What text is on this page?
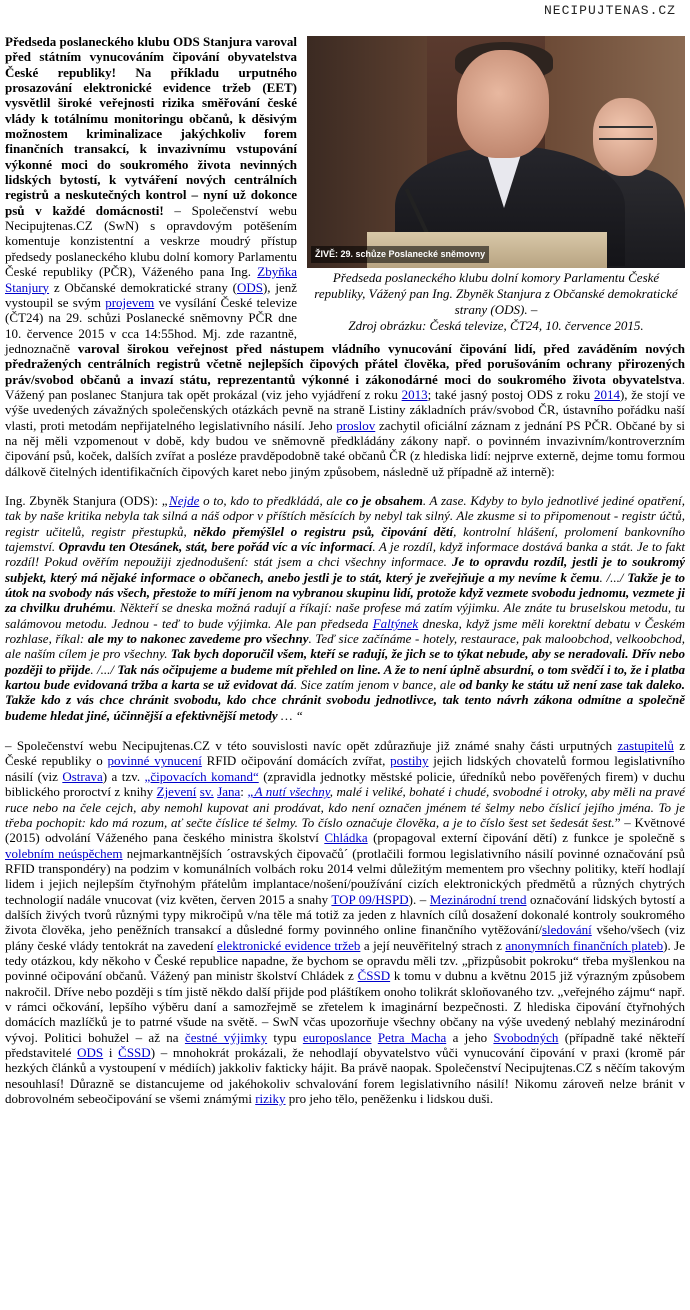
NECIPUJTENAS.CZ
ŽIVĚ: 29. schůze Poslanecké sněmovny
Předseda poslaneckého klubu dolní komory Parlamentu České republiky, Vážený pan Ing. Zbyněk Stanjura z Občanské demokratické strany (ODS). –
Zdroj obrázku: Česká televize, ČT24, 10. července 2015.

Předseda poslaneckého klubu ODS Stanjura varoval před státním vynucováním čipování obyvatelstva České republiky! Na příkladu urputného prosazování elektronické evidence tržeb (EET) vysvětlil široké veřejnosti rizika směřování české vlády k totálnímu monitoringu občanů, k děsivým možnostem kriminalizace jakýchkoliv forem finančních transakcí, k invazivnímu vstupování výkonné moci do soukromého života nevinných lidských bytostí, k vytváření nových centrálních registrů a neskutečných kontrol – nyní už dokonce psů v každé domácnosti! – Společenství webu Necipujtenas.CZ (SwN) s opravdovým potěšením komentuje konzistentní a veskrze moudrý přístup předsedy poslaneckého klubu dolní komory Parlamentu České republiky (PČR), Váženého pana Ing. Zbyňka Stanjury z Občanské demokratické strany (ODS), jenž vystoupil se svým projevem ve vysílání České televize (ČT24) na 29. schůzi Poslanecké sněmovny PČR dne 10. července 2015 v cca 14:55hod. Mj. zde razantně, jednoznačně varoval širokou veřejnost před nástupem vládního vynucování čipování lidí, před zaváděním nových předražených centrálních registrů včetně nejlepších čipových přátel člověka, před porušováním ochrany přirozených práv/svobod občanů a invazí státu, reprezentantů výkonné i zákonodárné moci do soukromého života obyvatelstva. Vážený pan poslanec Stanjura tak opět prokázal (viz jeho vyjádření z roku 2013; také jasný postoj ODS z roku 2014), že stojí ve výše uvedených závažných společenských otázkách pevně na straně Listiny základních práv/svobod ČR, ústavního pořádku naší vlasti, proti metodám nepřijatelného legislativního násilí. Jeho proslov zachytil oficiální záznam z jednání PS PČR. Občané by si na něj měli vzpomenout v době, kdy budou ve sněmovně předkládány zákony např. o povinném invazivním/kontroverzním čipování psů, koček, dalších zvířat a posléze pravděpodobně také občanů ČR (z hlediska lidí: nejprve externě, dejme tomu formou dálkově čitelných identifikačních čipových karet nebo jiným způsobem, následně už případně až interně):

Ing. Zbyněk Stanjura (ODS): „Nejde o to, kdo to předkládá, ale co je obsahem. A zase. Kdyby to bylo jednotlivé jediné opatření, tak by naše kritika nebyla tak silná a náš odpor v příštích měsících by nebyl tak silný. Ale zkusme si to připomenout - registr účtů, registr učitelů, registr přestupků, někdo přemýšlel o registru psů, čipování dětí, kontrolní hlášení, prolomení bankovního tajemství. Opravdu ten Otesánek, stát, bere pořád víc a víc informací. A je rozdíl, když informace dostává banka a stát. Je to fakt rozdíl! Pokud ověřím nepoužiji zjednodušení: stát jsem a chci všechny informace. Je to opravdu rozdíl, jestli je to soukromý subjekt, který má nějaké informace o občanech, anebo jestli je to stát, který je zveřejňuje a my nevíme k čemu. /.../ Takže je to útok na svobody nás všech, přestože to míří jenom na vybranou skupinu lidí, protože když vezmete svobodu jednomu, vezmete ji za chvilku druhému. Někteří se dneska možná radují a říkají: naše profese má zatím výjimku. Ale znáte tu bruselskou metodu, tu salámovou metodu. Jednou - teď to bude výjimka. Ale pan předseda Faltýnek dneska, když jsme měli korektní debatu v Českém rozhlase, říkal: ale my to nakonec zavedeme pro všechny. Teď sice začínáme - hotely, restaurace, pak maloobchod, velkoobchod, ale naším cílem je pro všechny. Tak bych doporučil všem, kteří se radují, že jich se to týkat nebude, aby se neradovali. Dřív nebo později to přijde. /.../ Tak nás očipujeme a budeme mít přehled on line. A že to není úplně absurdní, o tom svědčí i to, že i platba kartou bude evidovaná tržba a karta se už evidovat dá. Sice zatím jenom v bance, ale od banky ke státu už není zase tak daleko. Takže kdo z vás chce chránit svobodu, kdo chce chránit svobodu jednotlivce, tak tento návrh zákona odmítne a společně budeme hledat jiné, účinnější a efektivnější metody … “

– Společenství webu Necipujtenas.CZ v této souvislosti navíc opět zdůrazňuje již známé snahy části urputných zastupitelů z České republiky o povinné vynucení RFID očipování domácích zvířat, postihy jejich lidských chovatelů formou legislativního násilí (viz Ostrava) a tzv. „čipovacích komand“ (zpravidla jednotky městské policie, úředníků nebo pověřených firem) v duchu biblického proroctví z knihy Zjevení sv. Jana: „A nutí všechny, malé i veliké, bohaté i chudé, svobodné i otroky, aby měli na pravé ruce nebo na čele cejch, aby nemohl kupovat ani prodávat, kdo není označen jménem té šelmy nebo číslicí jejího jména. To je třeba pochopit: kdo má rozum, ať sečte číslice té šelmy. To číslo označuje člověka, a je to číslo šest set šedesát šest.” – Květnové (2015) odvolání Váženého pana českého ministra školství Chládka (propagoval externí čipování dětí) z funkce je společně s volebním neúspěchem nejmarkantnějších ´ostravských čipovačů´ (protlačili formou legislativního násilí povinné označování psů RFID transpondéry) na podzim v komunálních volbách roku 2014 velmi důležitým mementem pro všechny politiky, kteří hodlají lidem i jejich nejlepším čtyřnohým přátelům implantace/nošení/používání cizích elektronických předmětů a různých chytrých technologií nadále vnucovat (viz květen, červen 2015 a snahy TOP 09/HSPD). – Mezinárodní trend označování lidských bytostí a dalších živých tvorů různými typy mikročipů v/na těle má totiž za jeden z hlavních cílů dosažení dokonalé kontroly soukromého života člověka, jeho peněžních transakcí a důsledné formy povinného online finančního vytěžování/sledování všeho/všech (viz plány české vlády tentokrát na zavedení elektronické evidence tržeb a její neuvěřitelný strach z anonymních finančních plateb). Je tedy otázkou, kdy někoho v České republice napadne, že bychom se opravdu měli tzv. „přizpůsobit pokroku“ třeba myšlenkou na povinné očipování občanů. Vážený pan ministr školství Chládek z ČSSD k tomu v dubnu a květnu 2015 již výrazným způsobem nakročil. Dříve nebo později s tím jistě někdo další přijde pod pláštíkem onoho tolikrát skloňovaného tzv. „veřejného zájmu“ např. v rámci očkování, lepšího výběru daní a samozřejmě se zřetelem k imaginární bezpečnosti. Z hlediska čipování čtyřnohých domácích mazlíčků je to patrné všude na světě. – SwN včas upozorňuje všechny občany na výše uvedený neblahý mezinárodní vývoj. Politici bohužel – až na čestné výjimky typu europoslance Petra Macha a jeho Svobodných (případně také někteří představitelé ODS i ČSSD) – mnohokrát prokázali, že nehodlají obyvatelstvo vůči vynucování čipování v praxi (kromě pár hezkých článků a vystoupení v médiích) jakkoliv fakticky hájit. Ba právě naopak. Společenství Necipujtenas.CZ s něčím takovým nesouhlasí! Důrazně se distancujeme od jakéhokoliv schvalování forem legislativního násilí! Nikomu zároveň nelze bránit v dobrovolném sebeočipování se všemi známými riziky pro jeho tělo, peněženku i lidskou duši.
